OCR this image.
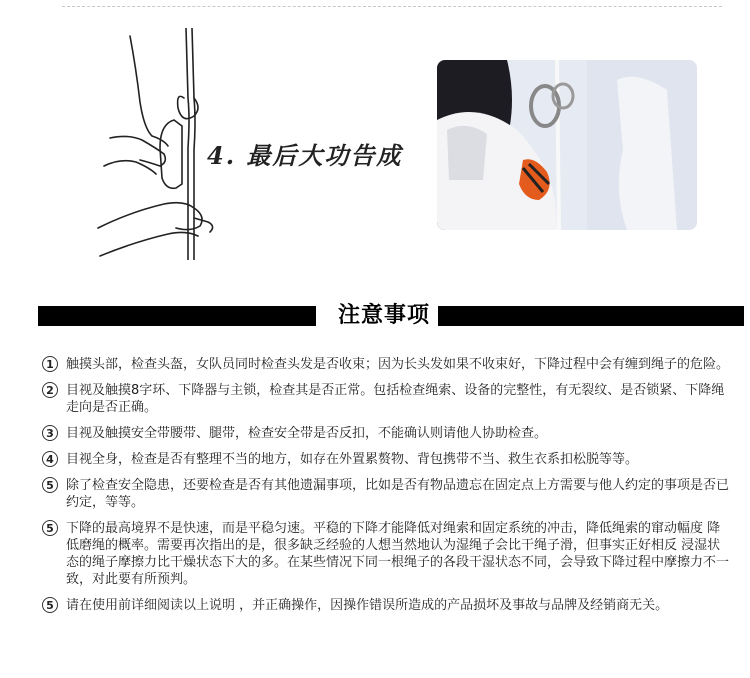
4. 最后大功告成
注意事项
1 触摸头部，检查头盔，女队员同时检查头发是否收束；因为长头发如果不收束好，下降过程中会有缠到绳子的危险。
2 目视及触摸8字环、下降器与主锁，检查其是否正常。包括检查绳索、设备的完整性，有无裂纹、是否锁紧、下降绳走向是否正确。
3 目视及触摸安全带腰带、腿带，检查安全带是否反扣，不能确认则请他人协助检查。
4 目视全身，检查是否有整理不当的地方，如存在外置累赘物、背包携带不当、救生衣系扣松脱等等。
5 除了检查安全隐患，还要检查是否有其他遗漏事项，比如是否有物品遗忘在固定点上方需要与他人约定的事项是否已约定，等等。
5 下降的最高境界不是快速，而是平稳匀速。平稳的下降才能降低对绳索和固定系统的冲击，降低绳索的窜动幅度 降低磨绳的概率。需要再次指出的是，很多缺乏经验的人想当然地认为湿绳子会比干绳子滑，但事实正好相反 浸湿状态的绳子摩擦力比干燥状态下大的多。在某些情况下同一根绳子的各段干湿状态不同，会导致下降过程中摩擦力不一致，对此要有所预判。
5 请在使用前详细阅读以上说明 ，并正确操作，因操作错误所造成的产品损坏及事故与品牌及经销商无关。
